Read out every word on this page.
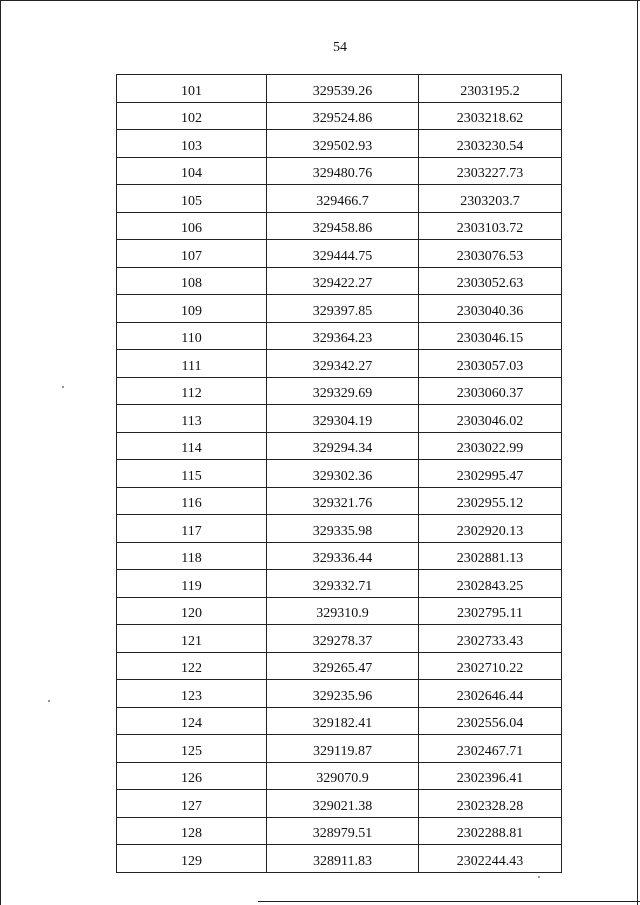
54
101	329539.26	2303195.2
102	329524.86	2303218.62
103	329502.93	2303230.54
104	329480.76	2303227.73
105	329466.7	2303203.7
106	329458.86	2303103.72
107	329444.75	2303076.53
108	329422.27	2303052.63
109	329397.85	2303040.36
110	329364.23	2303046.15
111	329342.27	2303057.03
112	329329.69	2303060.37
113	329304.19	2303046.02
114	329294.34	2303022.99
115	329302.36	2302995.47
116	329321.76	2302955.12
117	329335.98	2302920.13
118	329336.44	2302881.13
119	329332.71	2302843.25
120	329310.9	2302795.11
121	329278.37	2302733.43
122	329265.47	2302710.22
123	329235.96	2302646.44
124	329182.41	2302556.04
125	329119.87	2302467.71
126	329070.9	2302396.41
127	329021.38	2302328.28
128	328979.51	2302288.81
129	328911.83	2302244.43
